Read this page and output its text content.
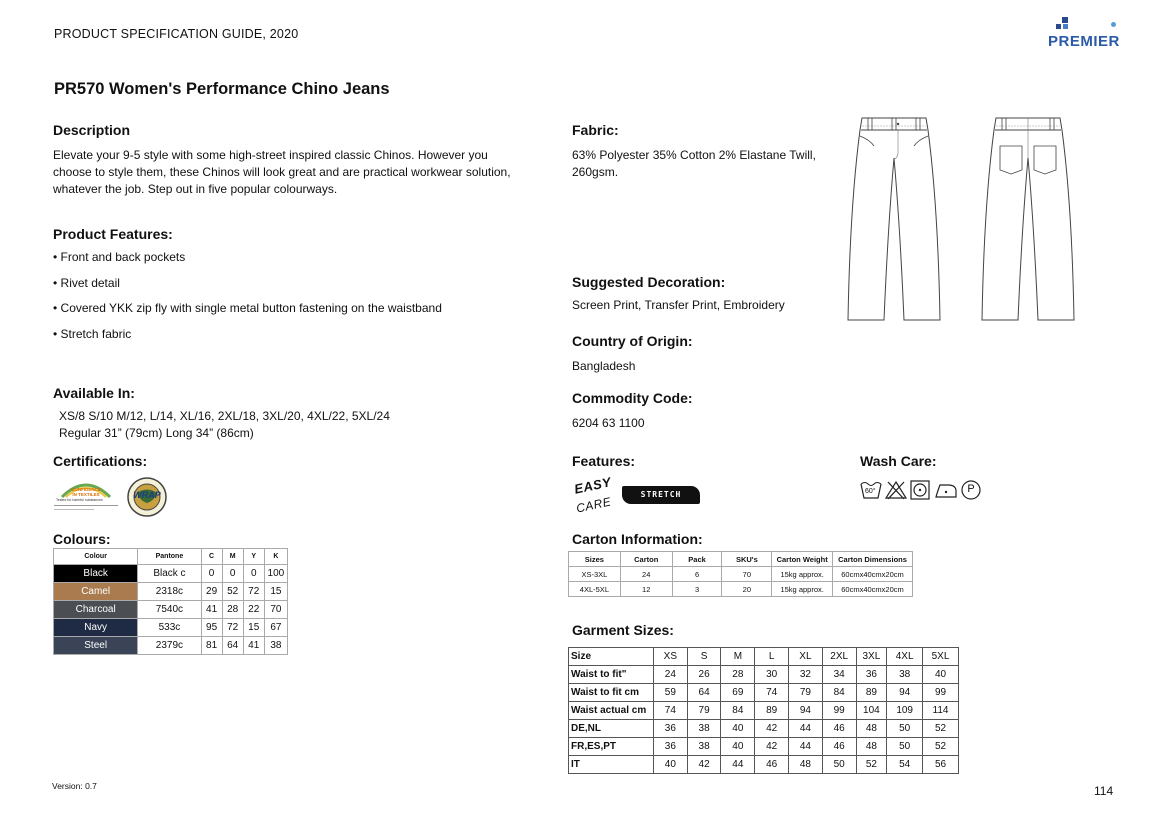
PRODUCT SPECIFICATION GUIDE, 2020	PREMIER
PR570 Women's Performance Chino Jeans
Description
Elevate your 9-5 style with some high-street inspired classic Chinos. However you
choose to style them, these Chinos will look great and are practical workwear solution,
whatever the job. Step out in five popular colourways.
Product Features:
• Front and back pockets
• Rivet detail
• Covered YKK zip fly with single metal button fastening on the waistband
• Stretch fabric
Available In:
XS/8 S/10 M/12, L/14, XL/16, 2XL/18, 3XL/20, 4XL/22, 5XL/24
Regular 31” (79cm) Long 34” (86cm)
Certifications:
CONFIDENCE
IN TEXTILES
Tested for harmful substances	WRAP
Colours:
Colour	Pantone	C	M	Y	K
Black	Black c	0	0	0	100
Camel	2318c	29	52	72	15
Charcoal	7540c	41	28	22	70
Navy	533c	95	72	15	67
Steel	2379c	81	64	41	38
Fabric:
63% Polyester 35% Cotton 2% Elastane Twill,
260gsm.
Suggested Decoration:
Screen Print, Transfer Print, Embroidery
Country of Origin:
Bangladesh
Commodity Code:
6204 63 1100
Features:
EASY
CARE	STRETCH
Wash Care:
60°	P
Carton Information:
Sizes	Carton	Pack	SKU's	Carton Weight	Carton Dimensions
XS-3XL	24	6	70	15kg approx.	60cmx40cmx20cm
4XL-5XL	12	3	20	15kg approx.	60cmx40cmx20cm
Garment Sizes:
Size	XS	S	M	L	XL	2XL	3XL	4XL	5XL
Waist to fit"	24	26	28	30	32	34	36	38	40
Waist to fit cm	59	64	69	74	79	84	89	94	99
Waist actual cm	74	79	84	89	94	99	104	109	114
DE,NL	36	38	40	42	44	46	48	50	52
FR,ES,PT	36	38	40	42	44	46	48	50	52
IT	40	42	44	46	48	50	52	54	56
Version: 0.7	114
